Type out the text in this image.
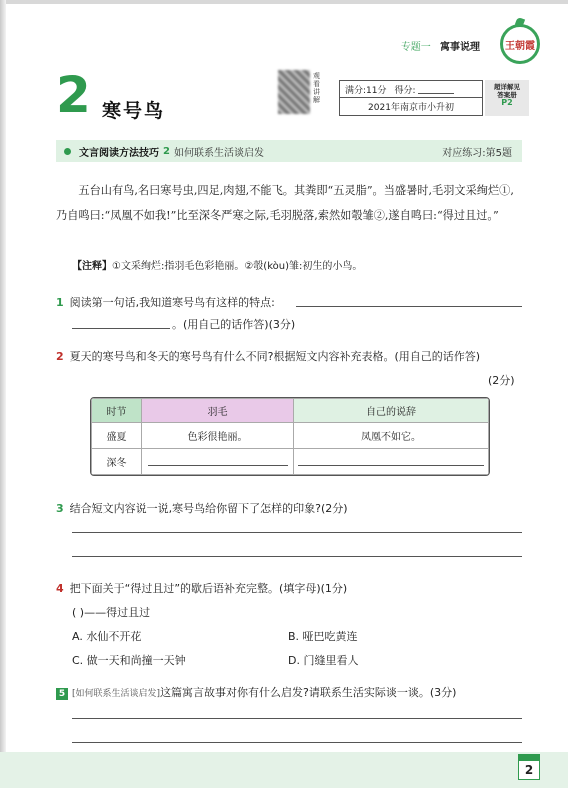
专题一 寓事说理	王朝霞
2 寒号鸟
观看讲解
满分:11分 得分:
2021年南京市小升初
超详解见
答案册
P2
文言阅读方法技巧 2 如何联系生活谈启发	对应练习:第5题

五台山有鸟,名曰寒号虫,四足,肉翅,不能飞。其粪即“五灵脂”。当盛暑时,毛羽文采绚烂①,乃自鸣曰:“凤凰不如我!”比至深冬严寒之际,毛羽脱落,索然如彀雏②,遂自鸣曰:“得过且过。”

【注释】①文采绚烂:指羽毛色彩艳丽。②彀(kòu)雏:初生的小鸟。
1 阅读第一句话,我知道寒号鸟有这样的特点:
。(用自己的话作答)(3分)
2 夏天的寒号鸟和冬天的寒号鸟有什么不同?根据短文内容补充表格。(用自己的话作答)
(2分)
时节	羽毛	自己的说辞
盛夏	色彩很艳丽。	凤凰不如它。
深冬		
3 结合短文内容说一说,寒号鸟给你留下了怎样的印象?(2分)
4 把下面关于“得过且过”的歇后语补充完整。(填字母)(1分)
( )——得过且过
A. 水仙不开花	B. 哑巴吃黄连
C. 做一天和尚撞一天钟	D. 门缝里看人
5 [如何联系生活谈启发]这篇寓言故事对你有什么启发?请联系生活实际谈一谈。(3分)
2
